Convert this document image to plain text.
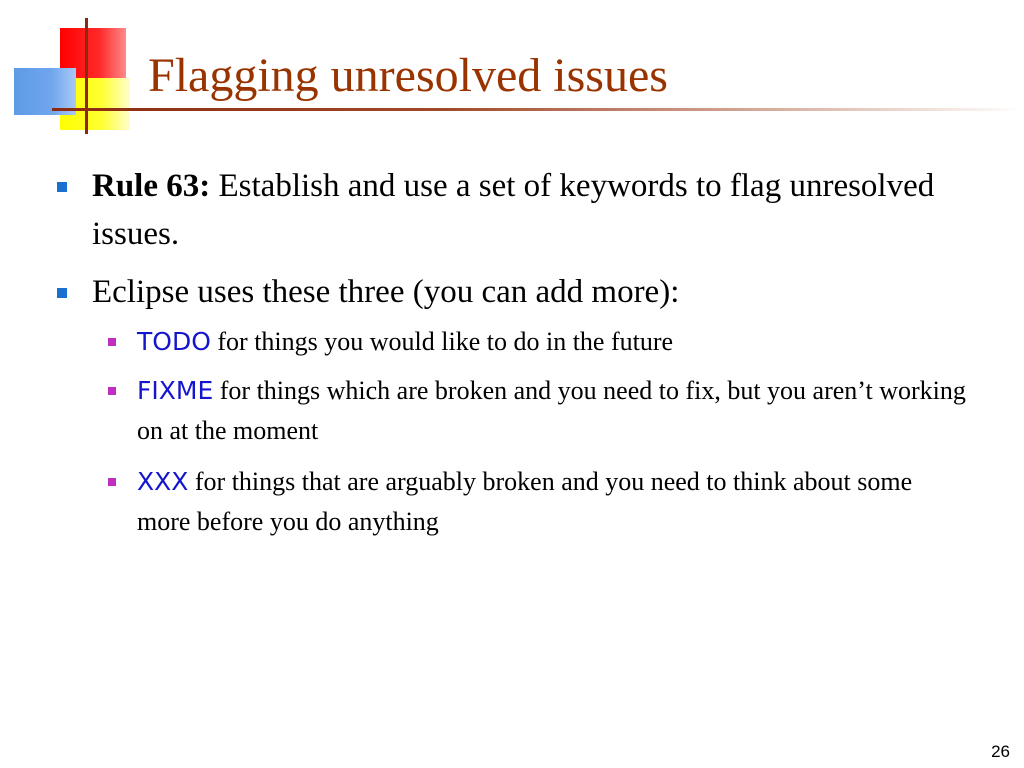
Flagging unresolved issues
Rule 63: Establish and use a set of keywords to flag unresolved issues.
Eclipse uses these three (you can add more):
TODO for things you would like to do in the future
FIXME for things which are broken and you need to fix, but you aren’t working on at the moment
XXX for things that are arguably broken and you need to think about some more before you do anything
26
